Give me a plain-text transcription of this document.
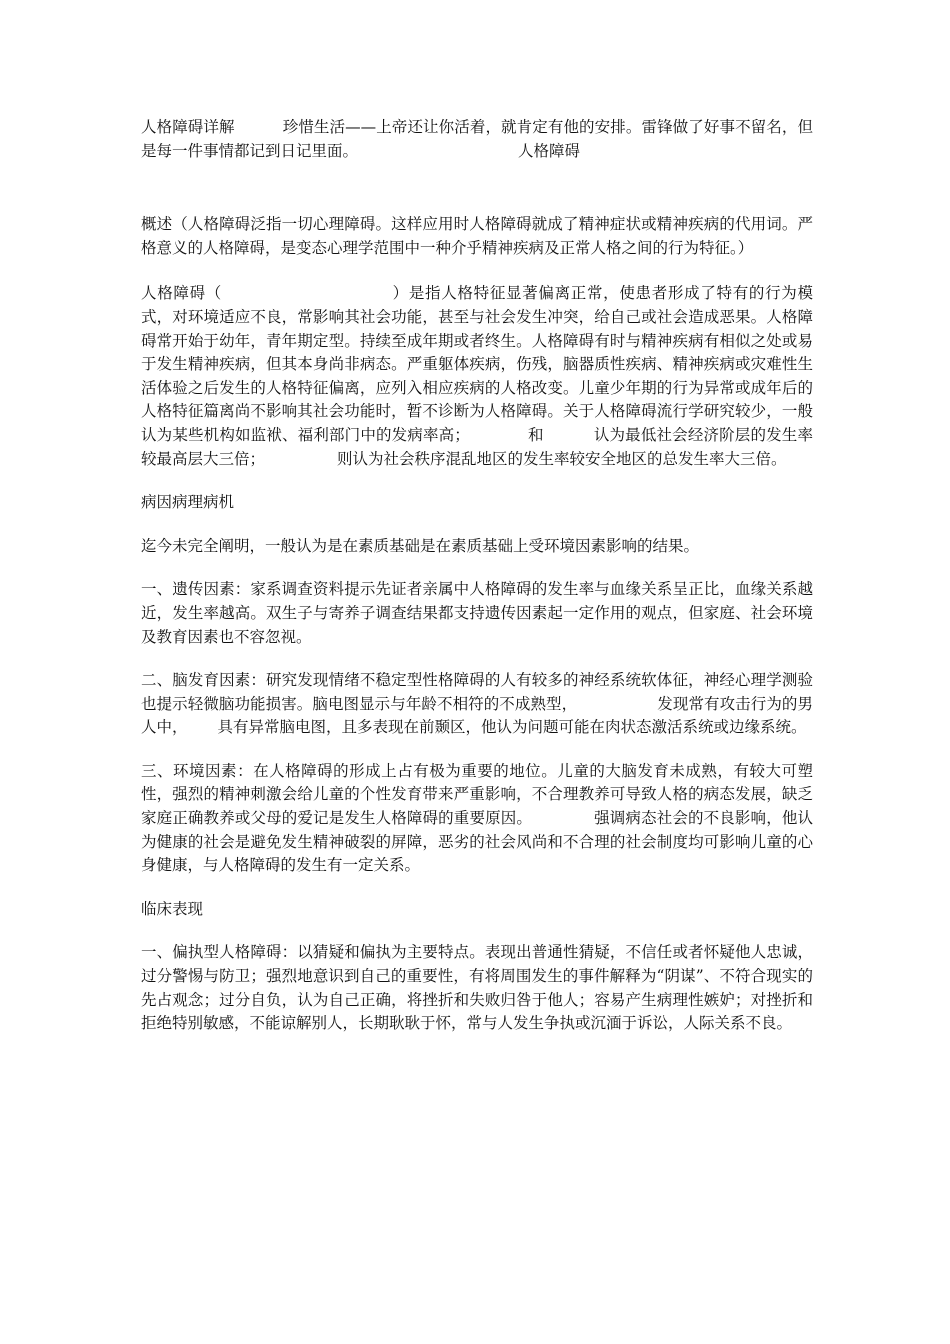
人格障碍详解	珍惜生活——上帝还让你活着，就肯定有他的安排。雷锋做了好事不留名，但是每一件事情都记到日记里面。	人格障碍

概述（人格障碍泛指一切心理障碍。这样应用时人格障碍就成了精神症状或精神疾病的代用词。严格意义的人格障碍，是变态心理学范围中一种介乎精神疾病及正常人格之间的行为特征。）

人格障碍（	）是指人格特征显著偏离正常，使患者形成了特有的行为模式，对环境适应不良，常影响其社会功能，甚至与社会发生冲突，给自己或社会造成恶果。人格障碍常开始于幼年，青年期定型。持续至成年期或者终生。人格障碍有时与精神疾病有相似之处或易于发生精神疾病，但其本身尚非病态。严重躯体疾病，伤残，脑器质性疾病、精神疾病或灾难性生活体验之后发生的人格特征偏离，应列入相应疾病的人格改变。儿童少年期的行为异常或成年后的人格特征篇离尚不影响其社会功能时，暂不诊断为人格障碍。关于人格障碍流行学研究较少，一般认为某些机构如监袱、福利部门中的发病率高；	和	认为最低社会经济阶层的发生率较最高层大三倍；	则认为社会秩序混乱地区的发生率较安全地区的总发生率大三倍。

病因病理病机

迄今未完全阐明，一般认为是在素质基础是在素质基础上受环境因素影响的结果。

一、遗传因素：家系调查资料提示先证者亲属中人格障碍的发生率与血缘关系呈正比，血缘关系越近，发生率越高。双生子与寄养子调查结果都支持遗传因素起一定作用的观点，但家庭、社会环境及教育因素也不容忽视。

二、脑发育因素：研究发现情绪不稳定型性格障碍的人有较多的神经系统软体征，神经心理学测验也提示轻微脑功能损害。脑电图显示与年龄不相符的不成熟型，	发现常有攻击行为的男人中， 具有异常脑电图，且多表现在前颞区，他认为问题可能在肉状态激活系统或边缘系统。

三、环境因素：在人格障碍的形成上占有极为重要的地位。儿童的大脑发育未成熟，有较大可塑性，强烈的精神刺激会给儿童的个性发育带来严重影响，不合理教养可导致人格的病态发展，缺乏家庭正确教养或父母的爱记是发生人格障碍的重要原因。	强调病态社会的不良影响，他认为健康的社会是避免发生精神破裂的屏障，恶劣的社会风尚和不合理的社会制度均可影响儿童的心身健康，与人格障碍的发生有一定关系。

临床表现

一、偏执型人格障碍：以猜疑和偏执为主要特点。表现出普通性猜疑，不信任或者怀疑他人忠诚，过分警惕与防卫；强烈地意识到自己的重要性，有将周围发生的事件解释为“阴谋”、不符合现实的先占观念；过分自负，认为自己正确，将挫折和失败归咎于他人；容易产生病理性嫉妒；对挫折和拒绝特别敏感，不能谅解别人，长期耿耿于怀，常与人发生争执或沉湎于诉讼，人际关系不良。
